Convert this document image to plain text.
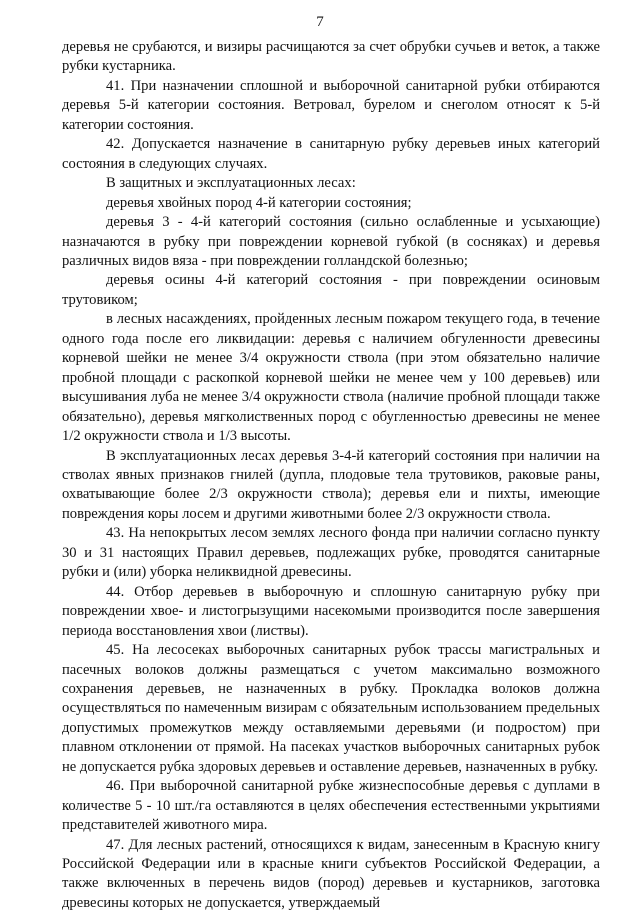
7

деревья не срубаются, и визиры расчищаются за счет обрубки сучьев и веток, а также рубки кустарника.

41. При назначении сплошной и выборочной санитарной рубки отбираются деревья 5-й категории состояния. Ветровал, бурелом и снеголом относят к 5-й категории состояния.

42. Допускается назначение в санитарную рубку деревьев иных категорий состояния в следующих случаях.

В защитных и эксплуатационных лесах:

деревья хвойных пород 4-й категории состояния;

деревья 3 - 4-й категорий состояния (сильно ослабленные и усыхающие) назначаются в рубку при повреждении корневой губкой (в сосняках) и деревья различных видов вяза - при повреждении голландской болезнью;

деревья осины 4-й категорий состояния - при повреждении осиновым трутовиком;

в лесных насаждениях, пройденных лесным пожаром текущего года, в течение одного года после его ликвидации: деревья с наличием обгуленности древесины корневой шейки не менее 3/4 окружности ствола (при этом обязательно наличие пробной площади с раскопкой корневой шейки не менее чем у 100 деревьев) или высушивания луба не менее 3/4 окружности ствола (наличие пробной площади также обязательно), деревья мягколиственных пород с обугленностью древесины не менее 1/2 окружности ствола и 1/3 высоты.

В эксплуатационных лесах деревья 3-4-й категорий состояния при наличии на стволах явных признаков гнилей (дупла, плодовые тела трутовиков, раковые раны, охватывающие более 2/3 окружности ствола); деревья ели и пихты, имеющие повреждения коры лосем и другими животными более 2/3 окружности ствола.

43. На непокрытых лесом землях лесного фонда при наличии согласно пункту 30 и 31 настоящих Правил деревьев, подлежащих рубке, проводятся санитарные рубки и (или) уборка неликвидной древесины.

44. Отбор деревьев в выборочную и сплошную санитарную рубку при повреждении хвое- и листогрызущими насекомыми производится после завершения периода восстановления хвои (листвы).

45. На лесосеках выборочных санитарных рубок трассы магистральных и пасечных волоков должны размещаться с учетом максимально возможного сохранения деревьев, не назначенных в рубку. Прокладка волоков должна осуществляться по намеченным визирам с обязательным использованием предельных допустимых промежутков между оставляемыми деревьями (и подростом) при плавном отклонении от прямой. На пасеках участков выборочных санитарных рубок не допускается рубка здоровых деревьев и оставление деревьев, назначенных в рубку.

46. При выборочной санитарной рубке жизнеспособные деревья с дуплами в количестве 5 - 10 шт./га оставляются в целях обеспечения естественными укрытиями представителей животного мира.

47. Для лесных растений, относящихся к видам, занесенным в Красную книгу Российской Федерации или в красные книги субъектов Российской Федерации, а также включенных в перечень видов (пород) деревьев и кустарников, заготовка древесины которых не допускается, утверждаемый
